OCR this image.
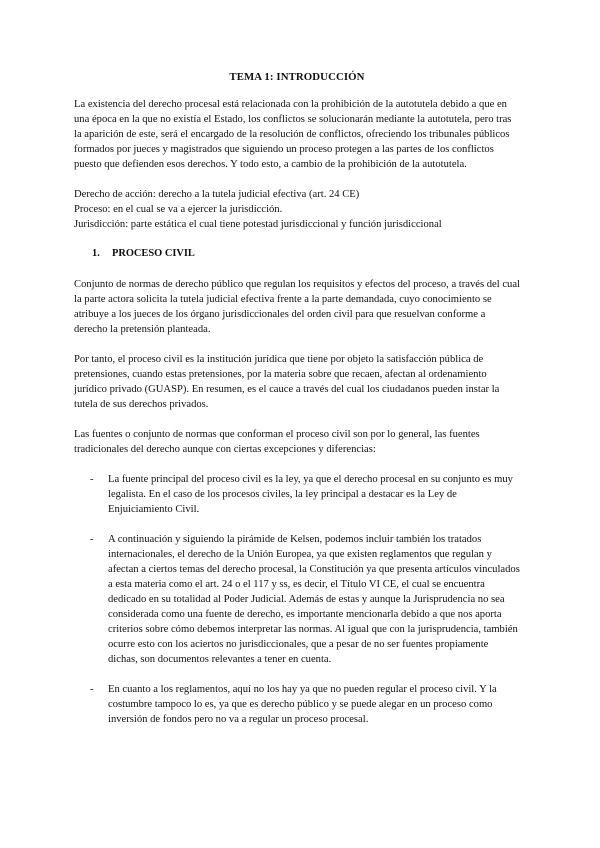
TEMA 1: INTRODUCCIÓN

La existencia del derecho procesal está relacionada con la prohibición de la autotutela debido a que en una época en la que no existía el Estado, los conflictos se solucionarán mediante la autotutela, pero tras la aparición de este, será el encargado de la resolución de conflictos, ofreciendo los tribunales públicos formados por jueces y magistrados que siguiendo un proceso protegen a las partes de los conflictos puesto que defienden esos derechos. Y todo esto, a cambio de la prohibición de la autotutela.

Derecho de acción: derecho a la tutela judicial efectiva (art. 24 CE)

Proceso: en el cual se va a ejercer la jurisdicción.

Jurisdicción: parte estática el cual tiene potestad jurisdiccional y función jurisdiccional

1.	PROCESO CIVIL

Conjunto de normas de derecho público que regulan los requisitos y efectos del proceso, a través del cual la parte actora solicita la tutela judicial efectiva frente a la parte demandada, cuyo conocimiento se atribuye a los jueces de los órgano jurisdiccionales del orden civil para que resuelvan conforme a derecho la pretensión planteada.

Por tanto, el proceso civil es la institución jurídica que tiene por objeto la satisfacción pública de pretensiones, cuando estas pretensiones, por la materia sobre que recaen, afectan al ordenamiento jurídico privado (GUASP). En resumen, es el cauce a través del cual los ciudadanos pueden instar la tutela de sus derechos privados.

Las fuentes o conjunto de normas que conforman el proceso civil son por lo general, las fuentes tradicionales del derecho aunque con ciertas excepciones y diferencias:

-	La fuente principal del proceso civil es la ley, ya que el derecho procesal en su conjunto es muy legalista. En el caso de los procesos civiles, la ley principal a destacar es la Ley de Enjuiciamiento Civil.
-	A continuación y siguiendo la pirámide de Kelsen, podemos incluir también los tratados internacionales, el derecho de la Unión Europea, ya que existen reglamentos que regulan y afectan a ciertos temas del derecho procesal, la Constitución ya que presenta artículos vinculados a esta materia como el art. 24 o el 117 y ss, es decir, el Título VI CE, el cual se encuentra dedicado en su totalidad al Poder Judicial. Además de estas y aunque la Jurisprudencia no sea considerada como una fuente de derecho, es importante mencionarla debido a que nos aporta criterios sobre cómo debemos interpretar las normas. Al igual que con la jurisprudencia, también ocurre esto con los aciertos no jurisdiccionales, que a pesar de no ser fuentes propiamente dichas, son documentos relevantes a tener en cuenta.
-	En cuanto a los reglamentos, aquí no los hay ya que no pueden regular el proceso civil. Y la costumbre tampoco lo es, ya que es derecho público y se puede alegar en un proceso como inversión de fondos pero no va a regular un proceso procesal.
